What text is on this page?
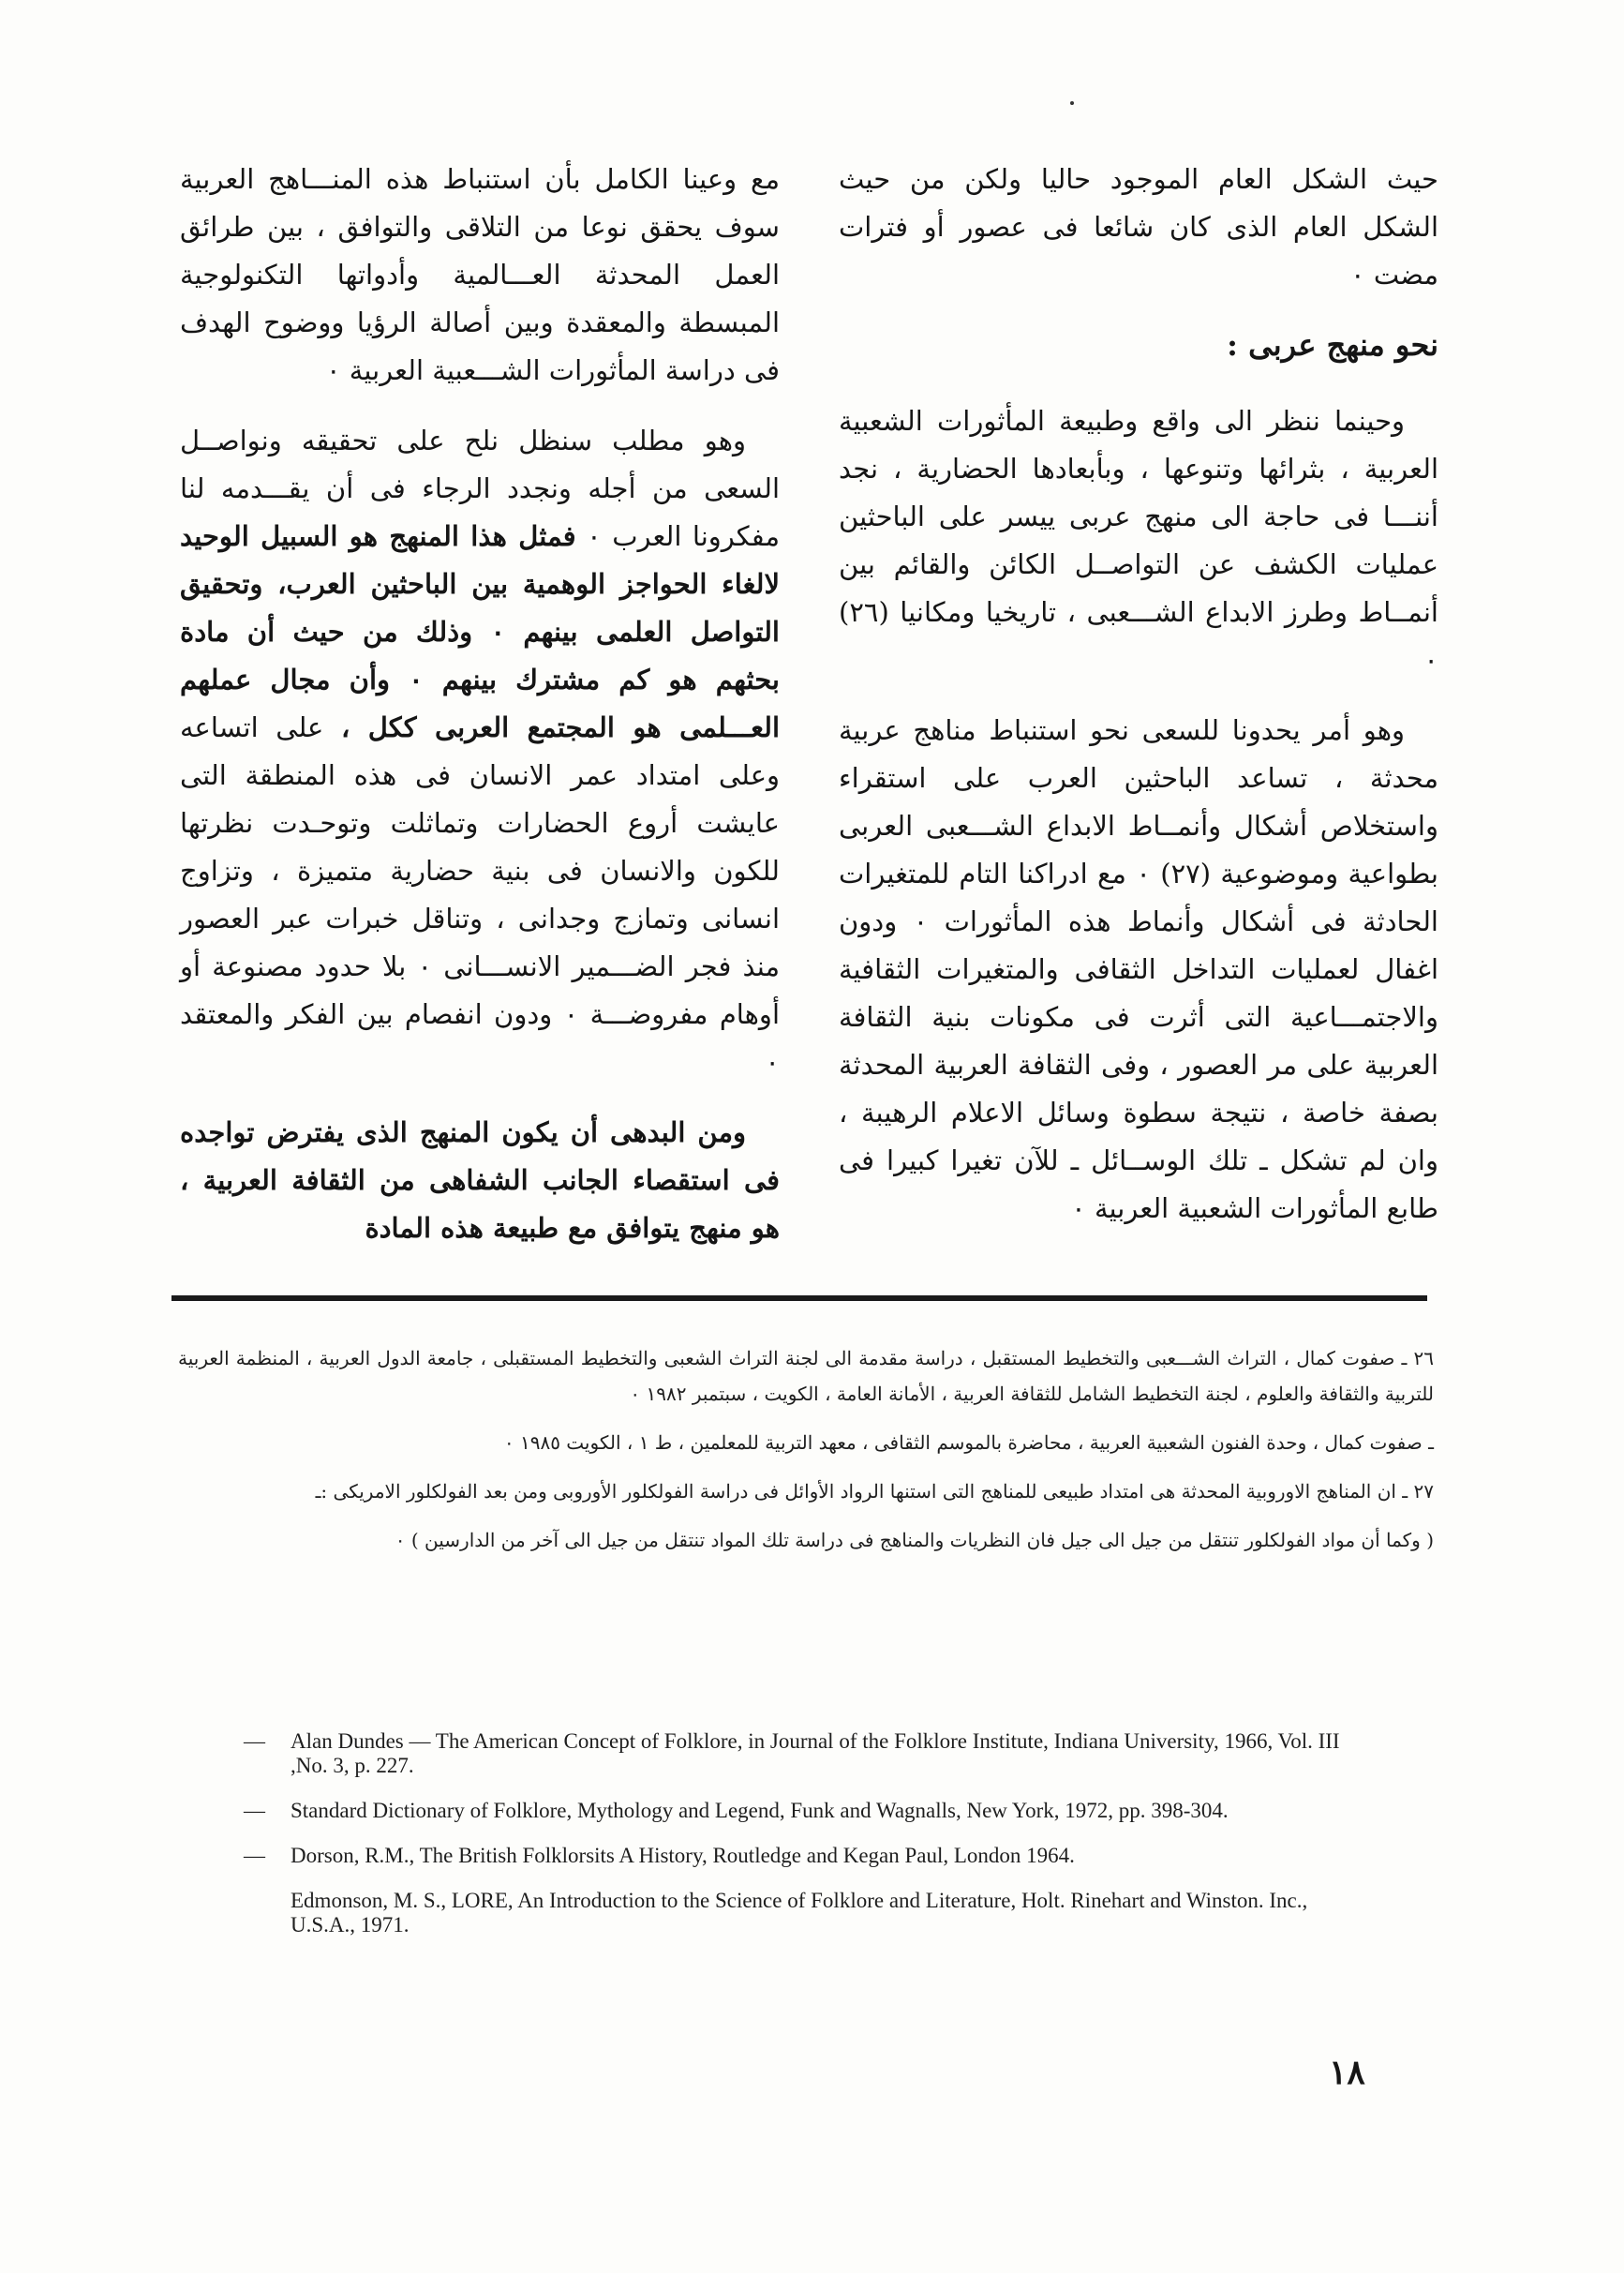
حيث الشكل العام الموجود حاليا ولكن من حيث الشكل العام الذى كان شائعا فى عصور أو فترات مضت ٠

نحو منهج عربى :

وحينما ننظر الى واقع وطبيعة المأثورات الشعبية العربية ، بثرائها وتنوعها ، وبأبعادها الحضارية ، نجد أننـــا فى حاجة الى منهج عربى ييسر على الباحثين عمليات الكشف عن التواصــل الكائن والقائم بين أنمــاط وطرز الابداع الشـــعبى ، تاريخيا ومكانيا (٢٦) ٠

وهو أمر يحدونا للسعى نحو استنباط مناهج عربية محدثة ، تساعد الباحثين العرب على استقراء واستخلاص أشكال وأنمــاط الابداع الشـــعبى العربى بطواعية وموضوعية (٢٧) ٠ مع ادراكنا التام للمتغيرات الحادثة فى أشكال وأنماط هذه المأثورات ٠ ودون اغفال لعمليات التداخل الثقافى والمتغيرات الثقافية والاجتمـــاعية التى أثرت فى مكونات بنية الثقافة العربية على مر العصور ، وفى الثقافة العربية المحدثة بصفة خاصة ، نتيجة سطوة وسائل الاعلام الرهيبة ، وان لم تشكل ـ تلك الوســائل ـ للآن تغيرا كبيرا فى طابع المأثورات الشعبية العربية ٠

مع وعينا الكامل بأن استنباط هذه المنـــاهج العربية سوف يحقق نوعا من التلاقى والتوافق ، بين طرائق العمل المحدثة العـــالمية وأدواتها التكنولوجية المبسطة والمعقدة وبين أصالة الرؤيا ووضوح الهدف فى دراسة المأثورات الشـــعبية العربية ٠

وهو مطلب سنظل نلح على تحقيقه ونواصــل السعى من أجله ونجدد الرجاء فى أن يقـــدمه لنا مفكرونا العرب ٠ فمثل هذا المنهج هو السبيل الوحيد لالغاء الحواجز الوهمية بين الباحثين العرب، وتحقيق التواصل العلمى بينهم ٠ وذلك من حيث أن مادة بحثهم هو كم مشترك بينهم ٠ وأن مجال عملهم العـــلمى هو المجتمع العربى ككل ، على اتساعه وعلى امتداد عمر الانسان فى هذه المنطقة التى عايشت أروع الحضارات وتماثلت وتوحـدت نظرتها للكون والانسان فى بنية حضارية متميزة ، وتزاوج انسانى وتمازج وجدانى ، وتناقل خبرات عبر العصور منذ فجر الضـــمير الانســـانى ٠ بلا حدود مصنوعة أو أوهام مفروضـــة ٠ ودون انفصام بين الفكر والمعتقد ٠

ومن البدهى أن يكون المنهج الذى يفترض تواجده فى استقصاء الجانب الشفاهى من الثقافة العربية ، هو منهج يتوافق مع طبيعة هذه المادة

٢٦ ـ صفوت كمال ، التراث الشـــعبى والتخطيط المستقبل ، دراسة مقدمة الى لجنة التراث الشعبى والتخطيط المستقبلى ، جامعة الدول العربية ، المنظمة العربية للتربية والثقافة والعلوم ، لجنة التخطيط الشامل للثقافة العربية ، الأمانة العامة ، الكويت ، سبتمبر ١٩٨٢ ٠

ـ صفوت كمال ، وحدة الفنون الشعبية العربية ، محاضرة بالموسم الثقافى ، معهد التربية للمعلمين ، ط ١ ، الكويت ١٩٨٥ ٠

٢٧ ـ ان المناهج الاوروبية المحدثة هى امتداد طبيعى للمناهج التى استنها الرواد الأوائل فى دراسة الفولكلور الأوروبى ومن بعد الفولكلور الامريكى :ـ

( وكما أن مواد الفولكلور تنتقل من جيل الى جيل فان النظريات والمناهج فى دراسة تلك المواد تنتقل من جيل الى آخر من الدارسين ) ٠

—	Alan Dundes — The American Concept of Folklore, in Journal of the Folklore Institute, Indiana University, 1966, Vol. III ,No. 3, p. 227.
—	Standard Dictionary of Folklore, Mythology and Legend, Funk and Wagnalls, New York, 1972, pp. 398-304.
—	Dorson, R.M., The British Folklorsits A History, Routledge and Kegan Paul, London 1964.
Edmonson, M. S., LORE, An Introduction to the Science of Folklore and Literature, Holt. Rinehart and Winston. Inc., U.S.A., 1971.
١٨
